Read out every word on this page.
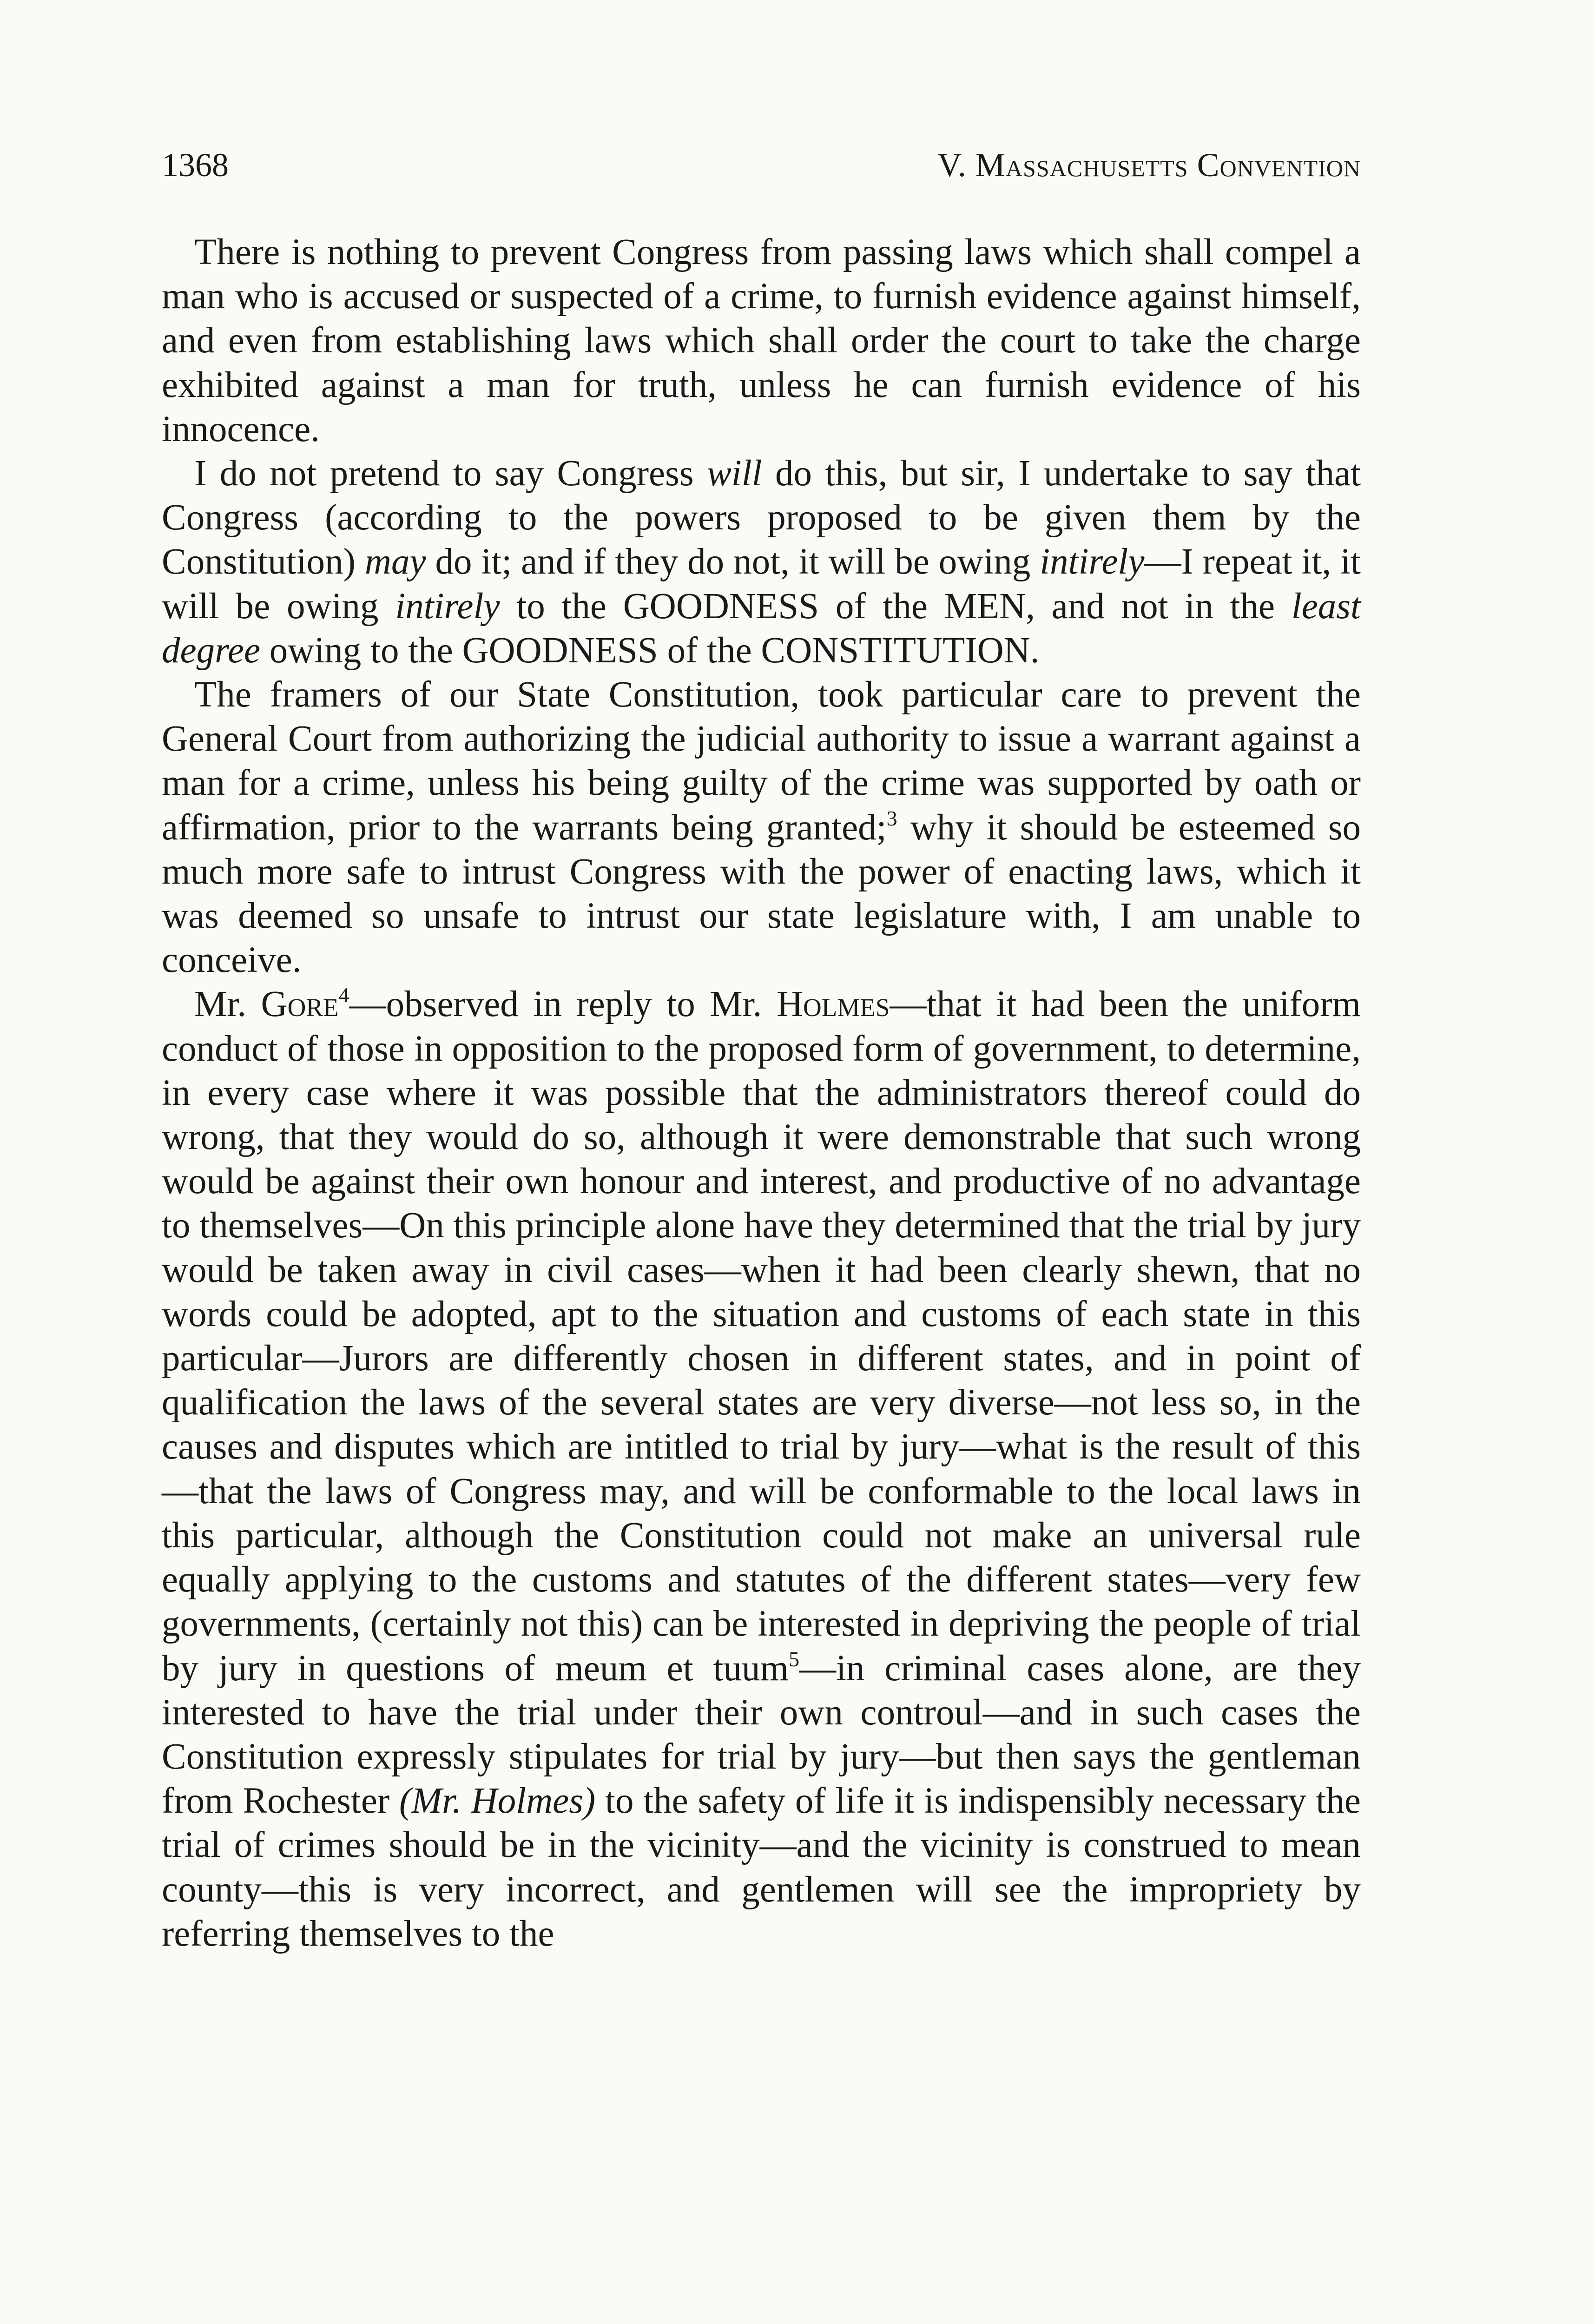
1368	V. Massachusetts Convention

There is nothing to prevent Congress from passing laws which shall compel a man who is accused or suspected of a crime, to furnish evidence against himself, and even from establishing laws which shall order the court to take the charge exhibited against a man for truth, unless he can furnish evidence of his innocence.

I do not pretend to say Congress will do this, but sir, I undertake to say that Congress (according to the powers proposed to be given them by the Constitution) may do it; and if they do not, it will be owing intirely—I repeat it, it will be owing intirely to the GOODNESS of the MEN, and not in the least degree owing to the GOODNESS of the CONSTITUTION.

The framers of our State Constitution, took particular care to prevent the General Court from authorizing the judicial authority to issue a warrant against a man for a crime, unless his being guilty of the crime was supported by oath or affirmation, prior to the warrants being granted;$^3$ why it should be esteemed so much more safe to intrust Congress with the power of enacting laws, which it was deemed so unsafe to intrust our state legislature with, I am unable to conceive.

Mr. Gore$^4$—observed in reply to Mr. Holmes—that it had been the uniform conduct of those in opposition to the proposed form of government, to determine, in every case where it was possible that the administrators thereof could do wrong, that they would do so, although it were demonstrable that such wrong would be against their own honour and interest, and productive of no advantage to themselves—On this principle alone have they determined that the trial by jury would be taken away in civil cases—when it had been clearly shewn, that no words could be adopted, apt to the situation and customs of each state in this particular—Jurors are differently chosen in different states, and in point of qualification the laws of the several states are very diverse—not less so, in the causes and disputes which are intitled to trial by jury—what is the result of this—that the laws of Congress may, and will be conformable to the local laws in this particular, although the Constitution could not make an universal rule equally applying to the customs and statutes of the different states—very few governments, (certainly not this) can be interested in depriving the people of trial by jury in questions of meum et tuum$^5$—in criminal cases alone, are they interested to have the trial under their own controul—and in such cases the Constitution expressly stipulates for trial by jury—but then says the gentleman from Rochester (Mr. Holmes) to the safety of life it is indispensibly necessary the trial of crimes should be in the vicinity—and the vicinity is construed to mean county—this is very incorrect, and gentlemen will see the impropriety by referring themselves to the
